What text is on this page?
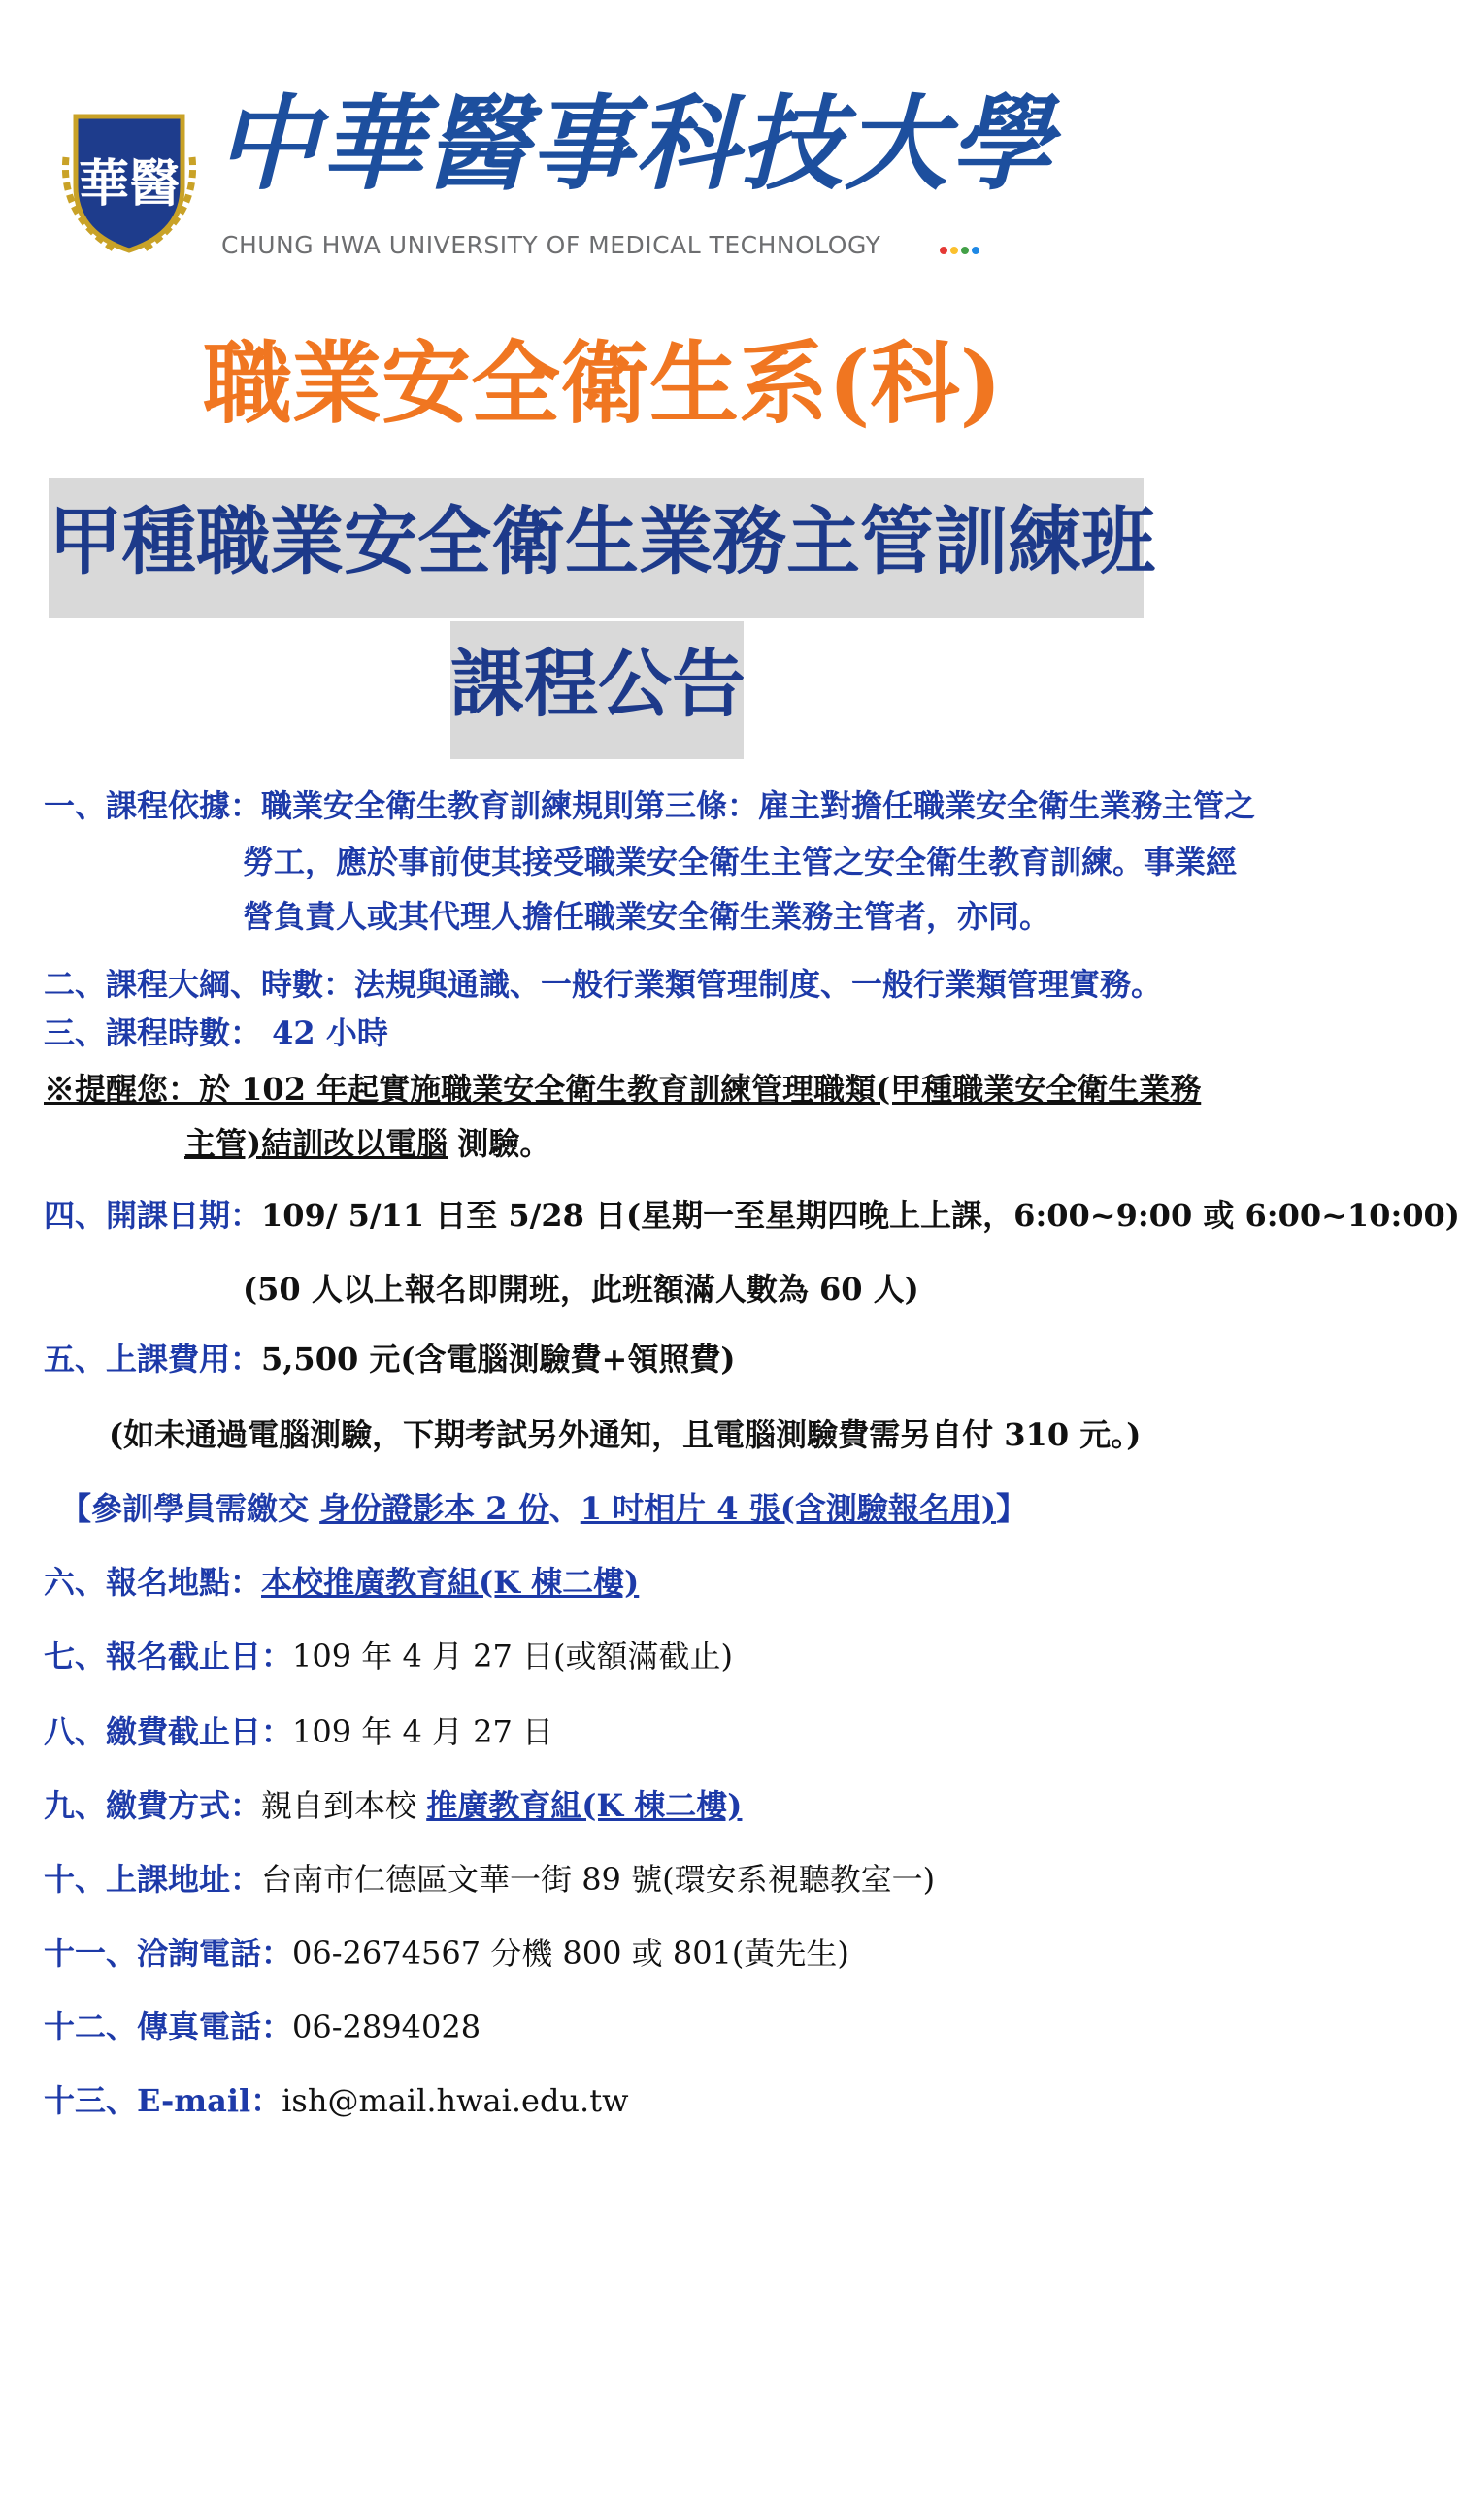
華醫 中華醫事科技大學
CHUNG HWA UNIVERSITY OF MEDICAL TECHNOLOGY
職業安全衛生系(科)
甲種職業安全衛生業務主管訓練班
課程公告
一、課程依據：職業安全衛生教育訓練規則第三條：雇主對擔任職業安全衛生業務主管之
勞工，應於事前使其接受職業安全衛生主管之安全衛生教育訓練。事業經
營負責人或其代理人擔任職業安全衛生業務主管者，亦同。
二、課程大綱、時數：法規與通識、一般行業類管理制度、一般行業類管理實務。
三、課程時數： 42 小時
※提醒您：於 102 年起實施職業安全衛生教育訓練管理職類(甲種職業安全衛生業務
主管)結訓改以電腦 測驗。
四、開課日期：109/ 5/11 日至 5/28 日(星期一至星期四晚上上課，6:00~9:00 或 6:00~10:00)
(50 人以上報名即開班，此班額滿人數為 60 人)
五、上課費用：5,500 元(含電腦測驗費+領照費)
(如未通過電腦測驗，下期考試另外通知，且電腦測驗費需另自付 310 元。)
【參訓學員需繳交 身份證影本 2 份、1 吋相片 4 張(含測驗報名用)】
六、報名地點：本校推廣教育組(K 棟二樓)
七、報名截止日：109 年 4 月 27 日(或額滿截止)
八、繳費截止日：109 年 4 月 27 日
九、繳費方式：親自到本校 推廣教育組(K 棟二樓)
十、上課地址：台南市仁德區文華一街 89 號(環安系視聽教室一)
十一、洽詢電話：06-2674567 分機 800 或 801(黃先生)
十二、傳真電話：06-2894028
十三、E-mail：ish@mail.hwai.edu.tw
